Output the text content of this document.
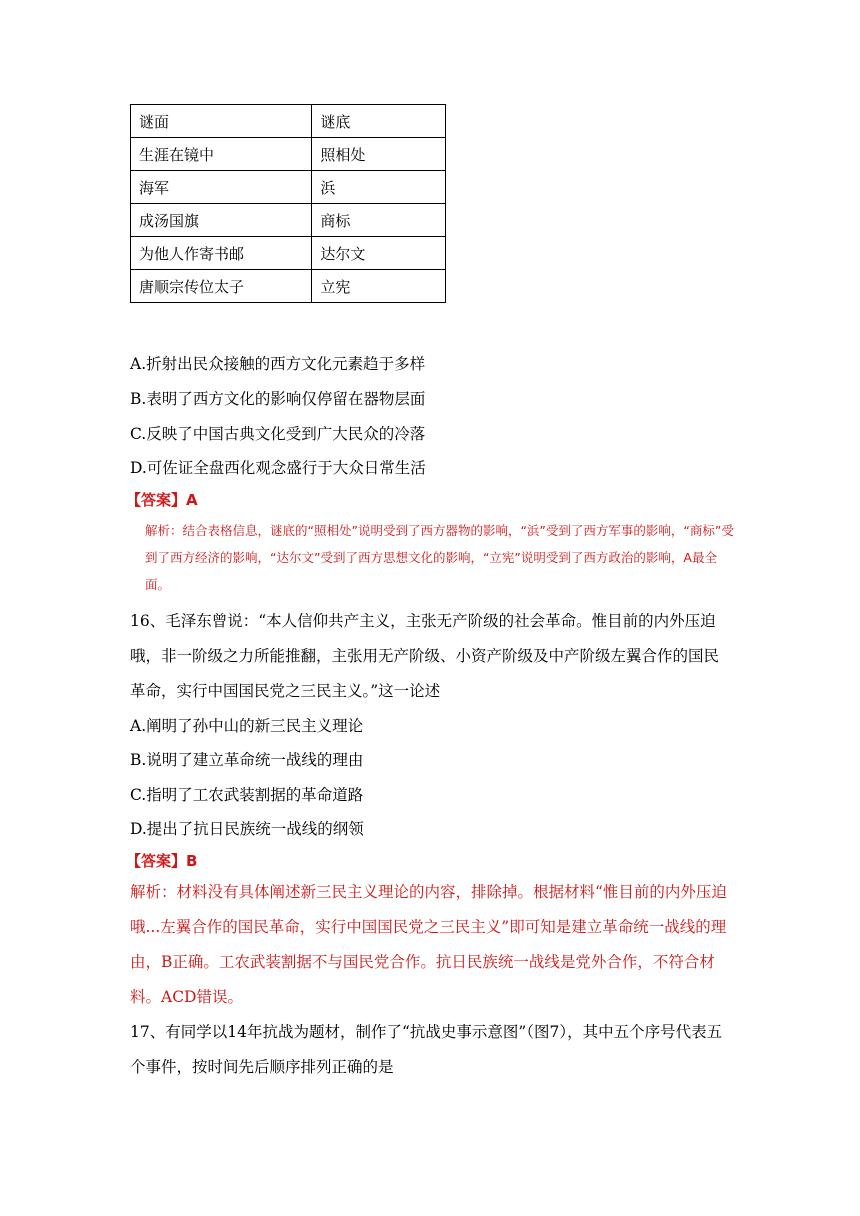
谜面	谜底
生涯在镜中	照相处
海军	浜
成汤国旗	商标
为他人作寄书邮	达尔文
唐顺宗传位太子	立宪
A.折射出民众接触的西方文化元素趋于多样
B.表明了西方文化的影响仅停留在器物层面
C.反映了中国古典文化受到广大民众的冷落
D.可佐证全盘西化观念盛行于大众日常生活
【答案】A
解析：结合表格信息，谜底的“照相处”说明受到了西方器物的影响，“浜”受到了西方军事的影响，“商标”受到了西方经济的影响，“达尔文”受到了西方思想文化的影响，“立宪”说明受到了西方政治的影响，A最全面。
16、毛泽东曾说：“本人信仰共产主义，主张无产阶级的社会革命。惟目前的内外压迫哦，非一阶级之力所能推翻，主张用无产阶级、小资产阶级及中产阶级左翼合作的国民革命，实行中国国民党之三民主义。”这一论述
A.阐明了孙中山的新三民主义理论
B.说明了建立革命统一战线的理由
C.指明了工农武装割据的革命道路
D.提出了抗日民族统一战线的纲领
【答案】B
解析：材料没有具体阐述新三民主义理论的内容，排除掉。根据材料“惟目前的内外压迫哦...左翼合作的国民革命，实行中国国民党之三民主义”即可知是建立革命统一战线的理由，B正确。工农武装割据不与国民党合作。抗日民族统一战线是党外合作，不符合材料。ACD错误。
17、有同学以14年抗战为题材，制作了“抗战史事示意图”（图7），其中五个序号代表五个事件，按时间先后顺序排列正确的是
